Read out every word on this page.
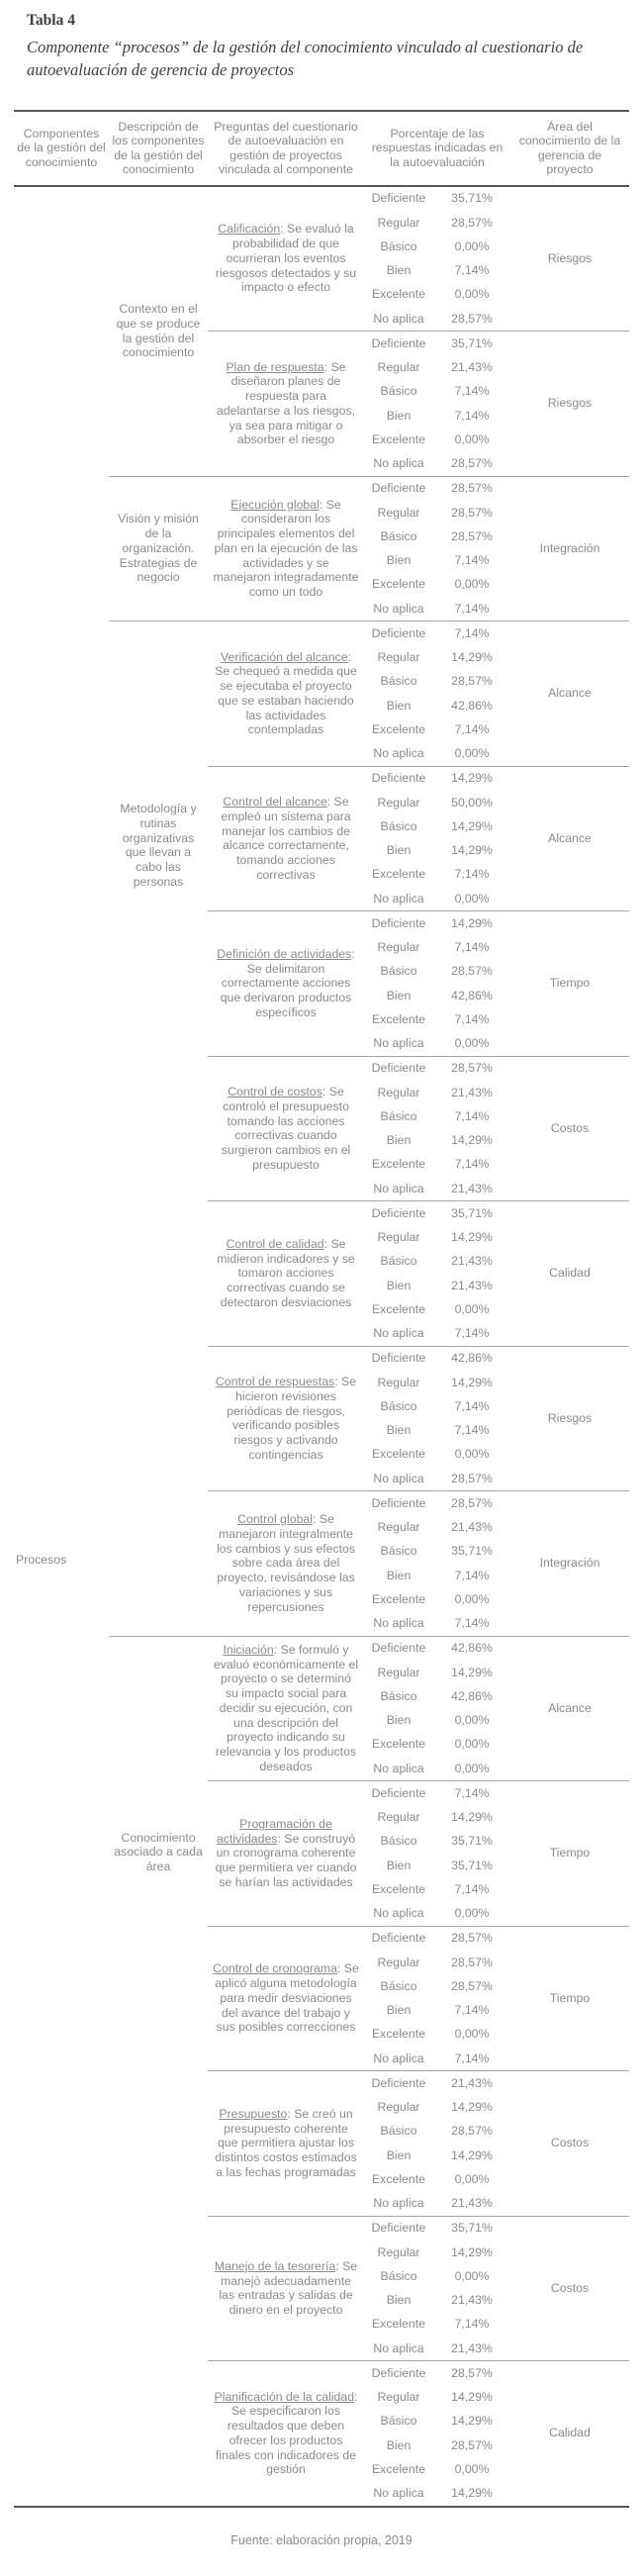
Tabla 4

Componente “procesos” de la gestión del conocimiento vinculado al cuestionario de autoevaluación de gerencia de proyectos

Componentes de la gestión del conocimiento	Descripción de los componentes de la gestión del conocimiento	Preguntas del cuestionario de autoevaluación en gestión de proyectos vinculada al componente	Porcentaje de las respuestas indicadas en la autoevaluación		Área del conocimiento de la gerencia de proyecto
Procesos	Contexto en el que se produce la gestión del conocimiento	Calificación: Se evaluó la probabilidad de que ocurrieran los eventos riesgosos detectados y su impacto o efecto	Deficiente	35,71%	Riesgos
			Regular	28,57%	
			Básico	0,00%	
			Bien	7,14%	
			Excelente	0,00%	
			No aplica	28,57%	
		Plan de respuesta: Se diseñaron planes de respuesta para adelantarse a los riesgos, ya sea para mitigar o absorber el riesgo	Deficiente	35,71%	Riesgos
			Regular	21,43%	
			Básico	7,14%	
			Bien	7,14%	
			Excelente	0,00%	
			No aplica	28,57%	
	Visión y misión de la organización. Estrategias de negocio	Ejecución global: Se consideraron los principales elementos del plan en la ejecución de las actividades y se manejaron integradamente como un todo	Deficiente	28,57%	Integración
			Regular	28,57%	
			Básico	28,57%	
			Bien	7,14%	
			Excelente	0,00%	
			No aplica	7,14%	
	Metodología y rutinas organizativas que llevan a cabo las personas	Verificación del alcance: Se chequeó a medida que se ejecutaba el proyecto que se estaban haciendo las actividades contempladas	Deficiente	7,14%	Alcance
			Regular	14,29%	
			Básico	28,57%	
			Bien	42,86%	
			Excelente	7,14%	
			No aplica	0,00%	
		Control del alcance: Se empleó un sistema para manejar los cambios de alcance correctamente, tomando acciones correctivas	Deficiente	14,29%	Alcance
			Regular	50,00%	
			Básico	14,29%	
			Bien	14,29%	
			Excelente	7,14%	
			No aplica	0,00%	
		Definición de actividades: Se delimitaron correctamente acciones que derivaron productos específicos	Deficiente	14,29%	Tiempo
			Regular	7,14%	
			Básico	28,57%	
			Bien	42,86%	
			Excelente	7,14%	
			No aplica	0,00%	
		Control de costos: Se controló el presupuesto tomando las acciones correctivas cuando surgieron cambios en el presupuesto	Deficiente	28,57%	Costos
			Regular	21,43%	
			Básico	7,14%	
			Bien	14,29%	
			Excelente	7,14%	
			No aplica	21,43%	
		Control de calidad: Se midieron indicadores y se tomaron acciones correctivas cuando se detectaron desviaciones	Deficiente	35,71%	Calidad
			Regular	14,29%	
			Básico	21,43%	
			Bien	21,43%	
			Excelente	0,00%	
			No aplica	7,14%	
		Control de respuestas: Se hicieron revisiones periódicas de riesgos, verificando posibles riesgos y activando contingencias	Deficiente	42,86%	Riesgos
			Regular	14,29%	
			Básico	7,14%	
			Bien	7,14%	
			Excelente	0,00%	
			No aplica	28,57%	
		Control global: Se manejaron integralmente los cambios y sus efectos sobre cada área del proyecto, revisándose las variaciones y sus repercusiones	Deficiente	28,57%	Integración
			Regular	21,43%	
			Básico	35,71%	
			Bien	7,14%	
			Excelente	0,00%	
			No aplica	7,14%	
	Conocimiento asociado a cada área	Iniciación: Se formuló y evaluó económicamente el proyecto o se determinó su impacto social para decidir su ejecución, con una descripción del proyecto indicando su relevancia y los productos deseados	Deficiente	42,86%	Alcance
			Regular	14,29%	
			Básico	42,86%	
			Bien	0,00%	
			Excelente	0,00%	
			No aplica	0,00%	
		Programación de actividades: Se construyó un cronograma coherente que permitiera ver cuando se harían las actividades	Deficiente	7,14%	Tiempo
			Regular	14,29%	
			Básico	35,71%	
			Bien	35,71%	
			Excelente	7,14%	
			No aplica	0,00%	
		Control de cronograma: Se aplicó alguna metodología para medir desviaciones del avance del trabajo y sus posibles correcciones	Deficiente	28,57%	Tiempo
			Regular	28,57%	
			Básico	28,57%	
			Bien	7,14%	
			Excelente	0,00%	
			No aplica	7,14%	
		Presupuesto: Se creó un presupuesto coherente que permitiera ajustar los distintos costos estimados a las fechas programadas	Deficiente	21,43%	Costos
			Regular	14,29%	
			Básico	28,57%	
			Bien	14,29%	
			Excelente	0,00%	
			No aplica	21,43%	
		Manejo de la tesorería: Se manejó adecuadamente las entradas y salidas de dinero en el proyecto	Deficiente	35,71%	Costos
			Regular	14,29%	
			Básico	0,00%	
			Bien	21,43%	
			Excelente	7,14%	
			No aplica	21,43%	
		Planificación de la calidad: Se especificaron los resultados que deben ofrecer los productos finales con indicadores de gestión	Deficiente	28,57%	Calidad
			Regular	14,29%	
			Básico	14,29%	
			Bien	28,57%	
			Excelente	0,00%	
			No aplica	14,29%	

Fuente: elaboración propia, 2019
